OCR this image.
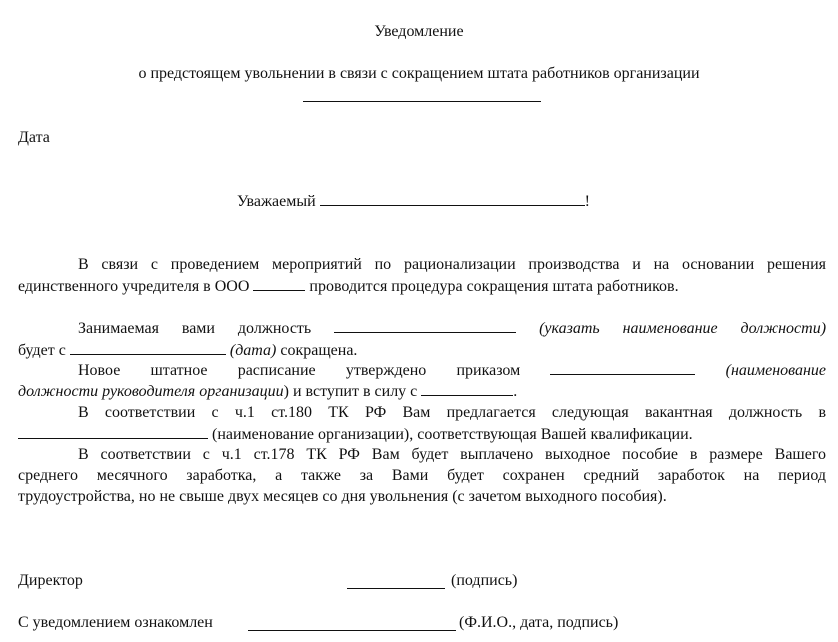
Уведомление
о предстоящем увольнении в связи с сокращением штата работников организации
Дата
Уважаемый	!
В связи с проведением мероприятий по рационализации производства и на основании решения
единственного учредителя в ООО	проводится процедура сокращения штата работников.
Занимаемая вами должность	(указать наименование должности)
будет с	(дата) сокращена.
Новое штатное расписание утверждено приказом	(наименование
должности руководителя организации) и вступит в силу с	.
В соответствии с ч.1 ст.180 ТК РФ Вам предлагается следующая вакантная должность в
(наименование организации), соответствующая Вашей квалификации.
В соответствии с ч.1 ст.178 ТК РФ Вам будет выплачено выходное пособие в размере Вашего
среднего месячного заработка, а также за Вами будет сохранен средний заработок на период
трудоустройства, но не свыше двух месяцев со дня увольнения (с зачетом выходного пособия).
Директор	(подпись)
С уведомлением ознакомлен	(Ф.И.О., дата, подпись)
